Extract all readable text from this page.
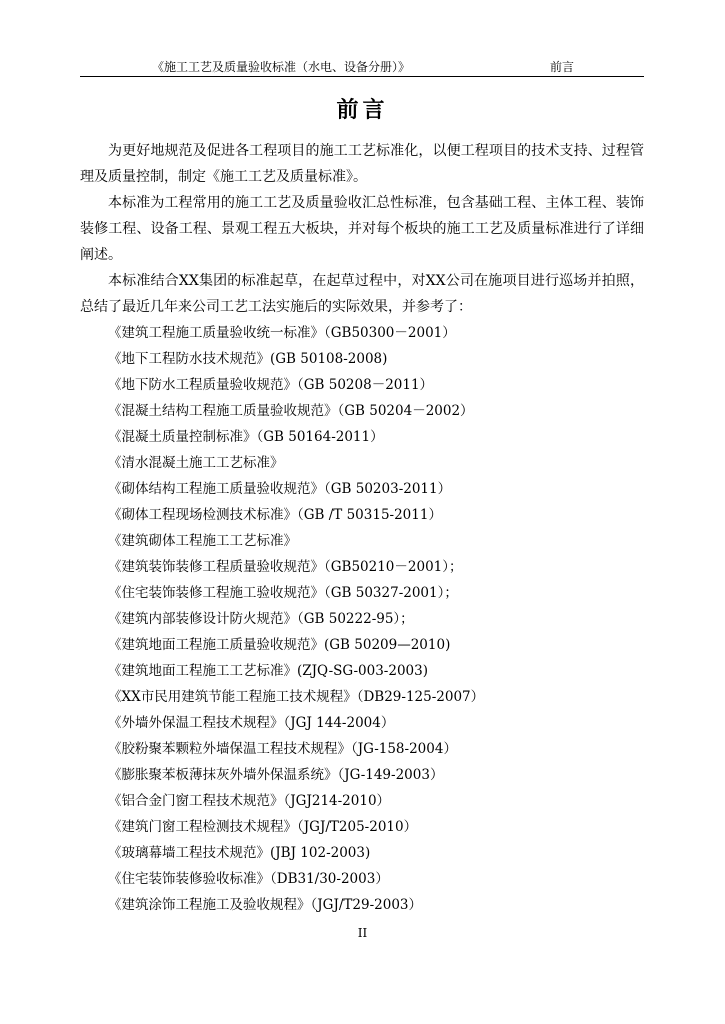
《施工工艺及质量验收标准（水电、设备分册）》	前言
前言

为更好地规范及促进各工程项目的施工工艺标准化，以便工程项目的技术支持、过程管理及质量控制，制定《施工工艺及质量标准》。

本标准为工程常用的施工工艺及质量验收汇总性标准，包含基础工程、主体工程、装饰装修工程、设备工程、景观工程五大板块，并对每个板块的施工工艺及质量标准进行了详细阐述。

本标准结合XX集团的标准起草，在起草过程中，对XX公司在施项目进行巡场并拍照，总结了最近几年来公司工艺工法实施后的实际效果，并参考了：

《建筑工程施工质量验收统一标准》（GB50300－2001）
《地下工程防水技术规范》(GB 50108-2008)
《地下防水工程质量验收规范》（GB 50208－2011）
《混凝土结构工程施工质量验收规范》（GB 50204－2002）
《混凝土质量控制标准》（GB 50164-2011）
《清水混凝土施工工艺标准》
《砌体结构工程施工质量验收规范》（GB 50203-2011）
《砌体工程现场检测技术标准》（GB /T 50315-2011）
《建筑砌体工程施工工艺标准》
《建筑装饰装修工程质量验收规范》（GB50210－2001）；
《住宅装饰装修工程施工验收规范》（GB 50327-2001）；
《建筑内部装修设计防火规范》（GB 50222-95）；
《建筑地面工程施工质量验收规范》(GB 50209—2010)
《建筑地面工程施工工艺标准》(ZJQ-SG-003-2003)
《XX市民用建筑节能工程施工技术规程》（DB29-125-2007）
《外墙外保温工程技术规程》（JGJ 144-2004）
《胶粉聚苯颗粒外墙保温工程技术规程》（JG-158-2004）
《膨胀聚苯板薄抹灰外墙外保温系统》（JG-149-2003）
《铝合金门窗工程技术规范》（JGJ214-2010）
《建筑门窗工程检测技术规程》（JGJ/T205-2010）
《玻璃幕墙工程技术规范》(JBJ 102-2003)
《住宅装饰装修验收标准》（DB31/30-2003）
《建筑涂饰工程施工及验收规程》（JGJ/T29-2003）
II
